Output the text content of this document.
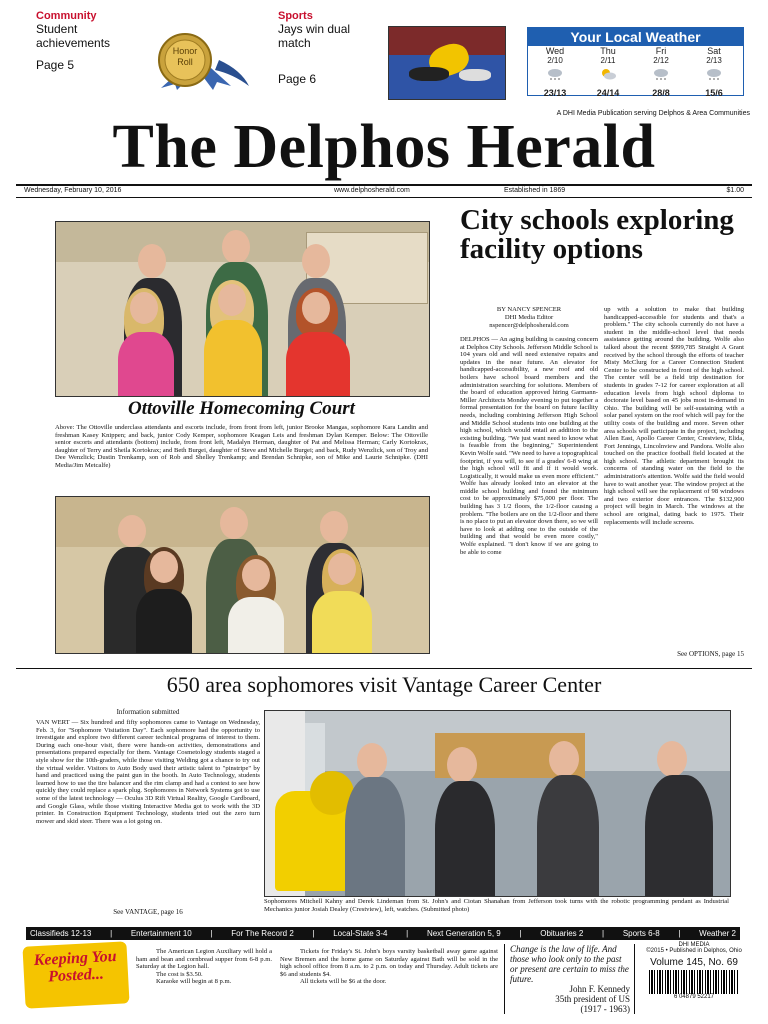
Community
Student achievements
Page 5
Honor Roll
Sports
Jays win dual match
Page 6
Your Local Weather
Wed
2/10
23/13
Thu
2/11
24/14
Fri
2/12
28/8
Sat
2/13
15/6
A DHI Media Publication serving Delphos & Area Communities
The Delphos Herald
Wednesday, February 10, 2016	www.delphosherald.com	Established in 1869	$1.00
Ottoville Homecoming Court
Above: The Ottoville underclass attendants and escorts include, from front from left, junior Brooke Mangas, sophomore Kara Landin and freshman Kasey Knippen; and back, junior Cody Kemper, sophomore Keagan Leis and freshman Dylan Kemper. Below: The Ottoville senior escorts and attendants (bottom) include, from front left, Madalyn Herman, daughter of Pat and Melissa Herman; Carly Kortokrax, daughter of Terry and Sheila Kortokrax; and Beth Burgei, daughter of Steve and Michelle Burgei; and back, Rudy Wenzlick, son of Troy and Dee Wenzlick; Dustin Trenkamp, son of Rob and Shelley Trenkamp; and Brendan Schnipke, son of Mike and Laurie Schnipke. (DHI Media/Jim Metcalfe)
City schools exploring facility options
BY NANCY SPENCER
DHI Media Editor
nspencer@delphosherald.com
DELPHOS — An aging building is causing concern at Delphos City Schools. Jefferson Middle School is 104 years old and will need extensive repairs and updates in the near future. An elevator for handicapped-accessibility, a new roof and old boilers have school board members and the administration searching for solutions. Members of the board of education approved hiring Garmann-Miller Architects Monday evening to put together a formal presentation for the board on future facility needs, including combining Jefferson High School and Middle School students into one building at the high school, which would entail an addition to the existing building. "We just want need to know what is feasible from the beginning," Superintendent Kevin Wolfe said. "We need to have a topographical footprint, if you will, to see if a grades' 6-8 wing at the high school will fit and if it would work. Logistically, it would make us even more efficient." Wolfe has already looked into an elevator at the middle school building and found the minimum cost to be approximately $75,000 per floor. The building has 3 1/2 floors, the 1/2-floor causing a problem. "The boilers are on the 1/2-floor and there is no place to put an elevator down there, so we will have to look at adding one to the outside of the building and that would be even more costly," Wolfe explained. "I don't know if we are going to be able to come
up with a solution to make that building handicapped-accessible for students and that's a problem." The city schools currently do not have a student in the middle-school level that needs assistance getting around the building. Wolfe also talked about the recent $999,785 Straight A Grant received by the school through the efforts of teacher Misty McClurg for a Career Connection Student Center to be constructed in front of the high school. The center will be a field trip destination for students in grades 7-12 for career exploration at all education levels from high school diploma to doctorate level based on 45 jobs most in-demand in Ohio. The building will be self-sustaining with a solar panel system on the roof which will pay for the utility costs of the building and more. Seven other area schools will participate in the project, including Allen East, Apollo Career Center, Crestview, Elida, Fort Jennings, Lincolnview and Pandora. Wolfe also touched on the practice football field located at the high school. The athletic department brought its concerns of standing water on the field to the administration's attention. Wolfe said the field would have to wait another year. The window project at the high school will see the replacement of 98 windows and two exterior door entrances. The $132,900 project will begin in March. The windows at the school are original, dating back to 1975. Their replacements will include screens.
See OPTIONS, page 15
650 area sophomores visit Vantage Career Center
Information submitted
VAN WERT — Six hundred and fifty sophomores came to Vantage on Wednesday, Feb. 3, for "Sophomore Visitation Day". Each sophomore had the opportunity to investigate and explore two different career technical programs of interest to them. During each one-hour visit, there were hands-on activities, demonstrations and presentations prepared especially for them. Vantage Cosmetology students staged a style show for the 10th-graders, while those visiting Welding got a chance to try out the virtual welder. Visitors to Auto Body used their artistic talent to "pinstripe" by hand and practiced using the paint gun in the booth. In Auto Technology, students learned how to use the tire balancer and the rim clamp and had a contest to see how quickly they could replace a spark plug. Sophomores in Network Systems got to use some of the latest technology — Oculus 3D Rift Virtual Reality, Google Cardboard, and Google Glass, while those visiting Interactive Media got to work with the 3D printer. In Construction Equipment Technology, students tried out the zero turn mower and skid steer. There was a lot going on.
See VANTAGE, page 16
Sophomores Mitchell Kahny and Derek Lindeman from St. John's and Ciotan Shanahan from Jefferson took turns with the robotic programming pendant as Industrial Mechanics junior Josiah Dealey (Crestview), left, watches. (Submitted photo)
Classifieds 12-13 | Entertainment 10 | For The Record 2 | Local-State 3-4 | Next Generation 5, 9 | Obituaries 2 | Sports 6-8 | Weather 2
Keeping You Posted...
The American Legion Auxiliary will hold a ham and bean and cornbread supper from 6-8 p.m. Saturday at the Legion hall.
The cost is $3.50.
Karaoke will begin at 8 p.m.
Tickets for Friday's St. John's boys varsity basketball away game against New Bremen and the home game on Saturday against Bath will be sold in the high school office from 8 a.m. to 2 p.m. on today and Thursday. Adult tickets are $6 and students $4.
All tickets will be $6 at the door.
Change is the law of life. And those who look only to the past or present are certain to miss the future.
John F. Kennedy
35th president of US
(1917 - 1963)
DHI MEDIA
©2015 • Published in Delphos, Ohio
Volume 145, No. 69
6 04879 52217
